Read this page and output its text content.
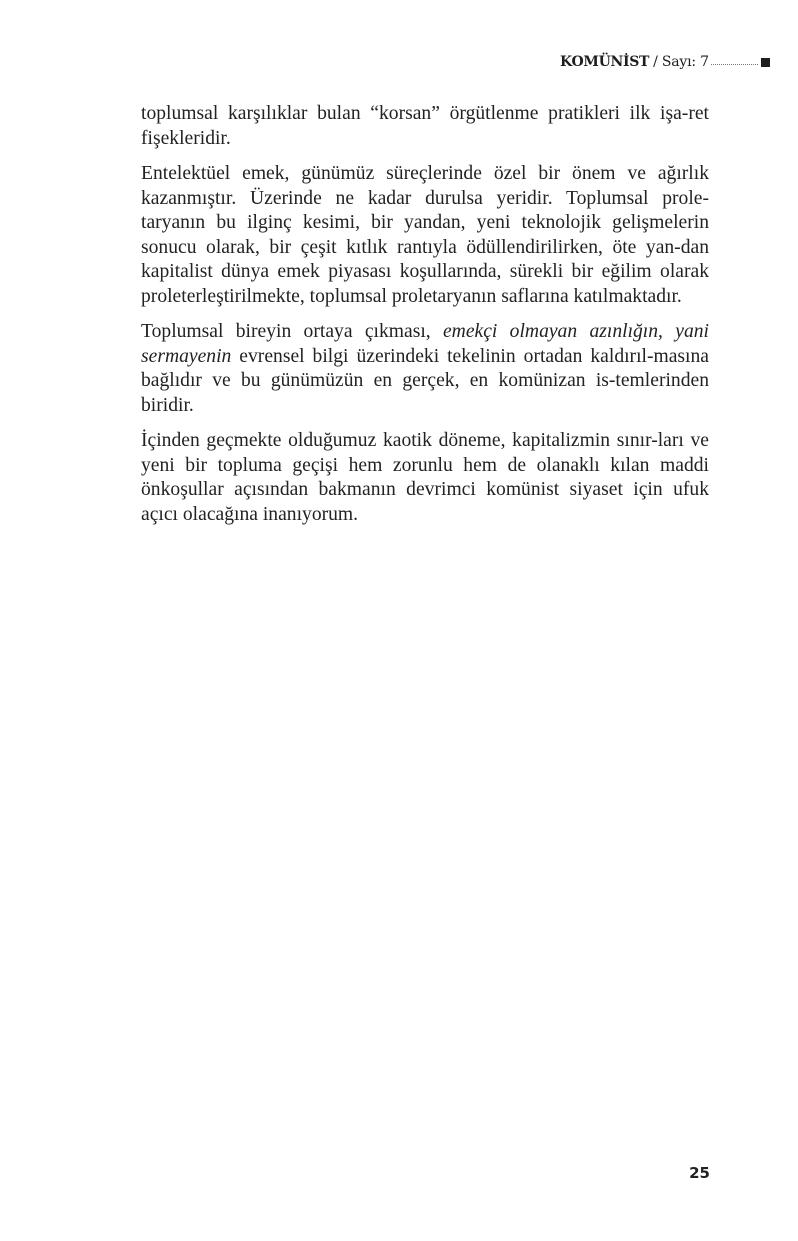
KOMÜNİST / Sayı: 7

toplumsal karşılıklar bulan “korsan” örgütlenme pratikleri ilk işa-ret fişekleridir.

Entelektüel emek, günümüz süreçlerinde özel bir önem ve ağırlık kazanmıştır. Üzerinde ne kadar durulsa yeridir. Toplumsal prole-taryanın bu ilginç kesimi, bir yandan, yeni teknolojik gelişmelerin sonucu olarak, bir çeşit kıtlık rantıyla ödüllendirilirken, öte yan-dan kapitalist dünya emek piyasası koşullarında, sürekli bir eğilim olarak proleterleştirilmekte, toplumsal proletaryanın saflarına katılmaktadır.

Toplumsal bireyin ortaya çıkması, emekçi olmayan azınlığın, yani sermayenin evrensel bilgi üzerindeki tekelinin ortadan kaldırıl-masına bağlıdır ve bu günümüzün en gerçek, en komünizan is-temlerinden biridir.

İçinden geçmekte olduğumuz kaotik döneme, kapitalizmin sınır-ları ve yeni bir topluma geçişi hem zorunlu hem de olanaklı kılan maddi önkoşullar açısından bakmanın devrimci komünist siyaset için ufuk açıcı olacağına inanıyorum.

25
